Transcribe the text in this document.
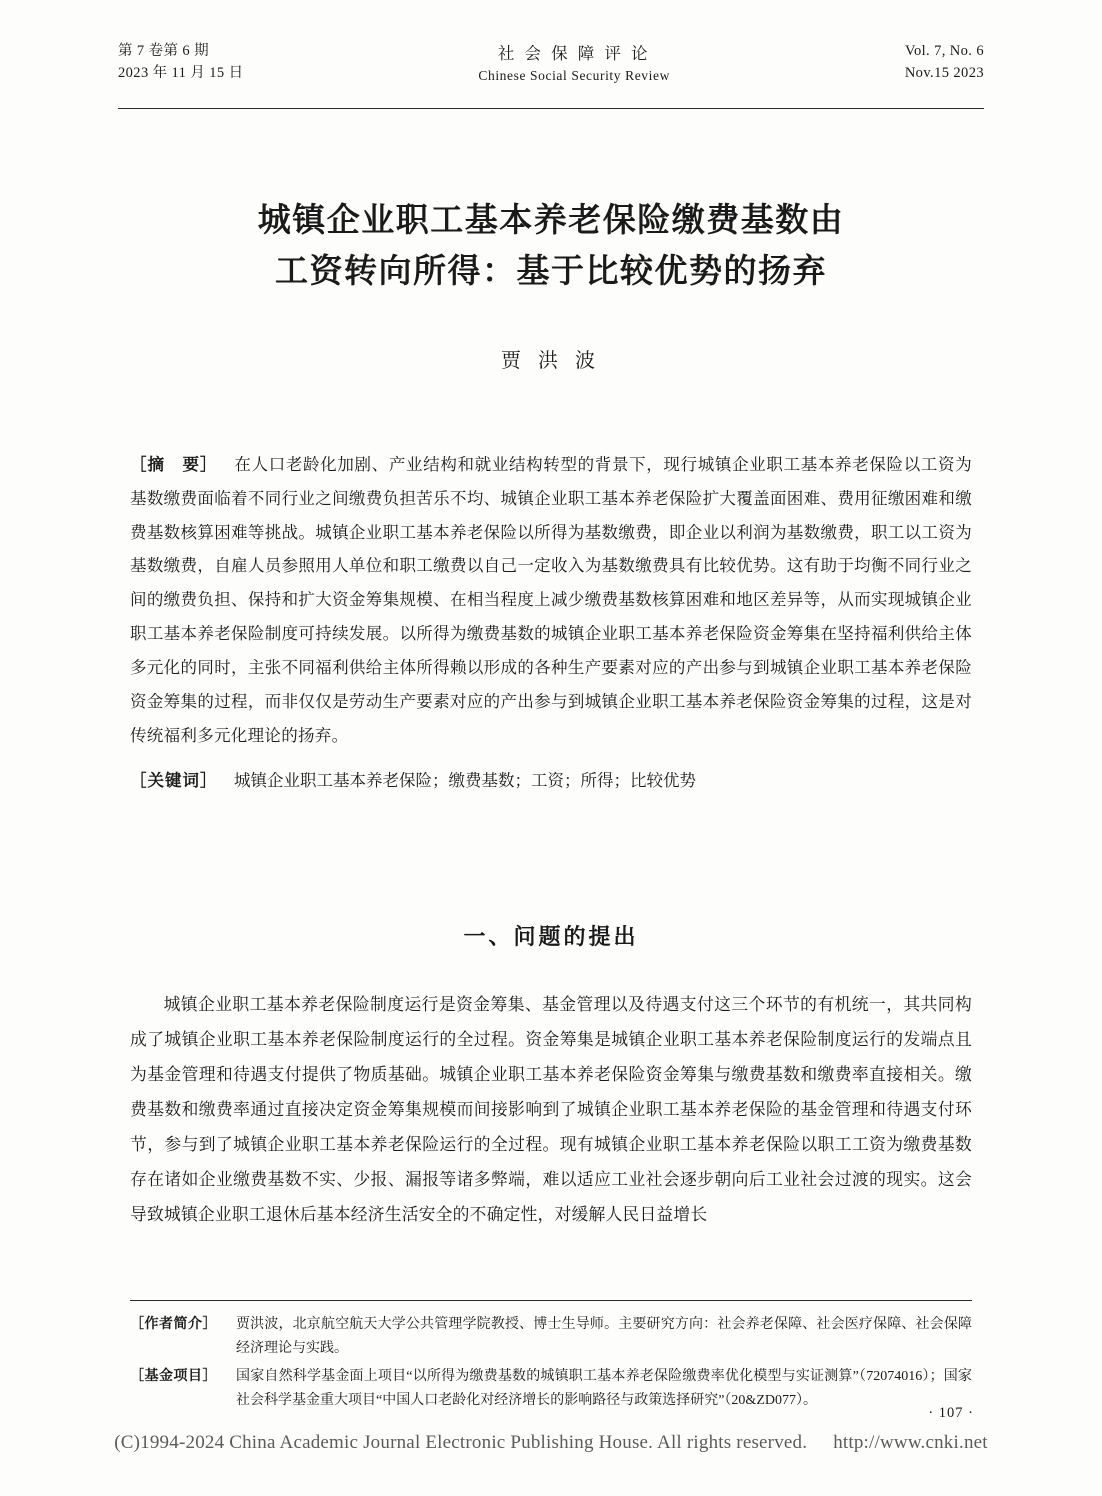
第 7 卷第 6 期
2023 年 11 月 15 日
社 会 保 障 评 论
Chinese Social Security Review
Vol. 7, No. 6
Nov.15 2023
城镇企业职工基本养老保险缴费基数由
工资转向所得：基于比较优势的扬弃
贾 洪 波
［摘　要］ 在人口老龄化加剧、产业结构和就业结构转型的背景下，现行城镇企业职工基本养老保险以工资为基数缴费面临着不同行业之间缴费负担苦乐不均、城镇企业职工基本养老保险扩大覆盖面困难、费用征缴困难和缴费基数核算困难等挑战。城镇企业职工基本养老保险以所得为基数缴费，即企业以利润为基数缴费，职工以工资为基数缴费，自雇人员参照用人单位和职工缴费以自己一定收入为基数缴费具有比较优势。这有助于均衡不同行业之间的缴费负担、保持和扩大资金筹集规模、在相当程度上减少缴费基数核算困难和地区差异等，从而实现城镇企业职工基本养老保险制度可持续发展。以所得为缴费基数的城镇企业职工基本养老保险资金筹集在坚持福利供给主体多元化的同时，主张不同福利供给主体所得赖以形成的各种生产要素对应的产出参与到城镇企业职工基本养老保险资金筹集的过程，而非仅仅是劳动生产要素对应的产出参与到城镇企业职工基本养老保险资金筹集的过程，这是对传统福利多元化理论的扬弃。
［关键词］ 城镇企业职工基本养老保险；缴费基数；工资；所得；比较优势
一、问题的提出
城镇企业职工基本养老保险制度运行是资金筹集、基金管理以及待遇支付这三个环节的有机统一，其共同构成了城镇企业职工基本养老保险制度运行的全过程。资金筹集是城镇企业职工基本养老保险制度运行的发端点且为基金管理和待遇支付提供了物质基础。城镇企业职工基本养老保险资金筹集与缴费基数和缴费率直接相关。缴费基数和缴费率通过直接决定资金筹集规模而间接影响到了城镇企业职工基本养老保险的基金管理和待遇支付环节，参与到了城镇企业职工基本养老保险运行的全过程。现有城镇企业职工基本养老保险以职工工资为缴费基数存在诸如企业缴费基数不实、少报、漏报等诸多弊端，难以适应工业社会逐步朝向后工业社会过渡的现实。这会导致城镇企业职工退休后基本经济生活安全的不确定性，对缓解人民日益增长
［作者简介］	贾洪波，北京航空航天大学公共管理学院教授、博士生导师。主要研究方向：社会养老保障、社会医疗保障、社会保障经济理论与实践。
［基金项目］	国家自然科学基金面上项目“以所得为缴费基数的城镇职工基本养老保险缴费率优化模型与实证测算”（72074016）；国家社会科学基金重大项目“中国人口老龄化对经济增长的影响路径与政策选择研究”（20&ZD077）。
· 107 ·
(C)1994-2024 China Academic Journal Electronic Publishing House. All rights reserved. http://www.cnki.net
